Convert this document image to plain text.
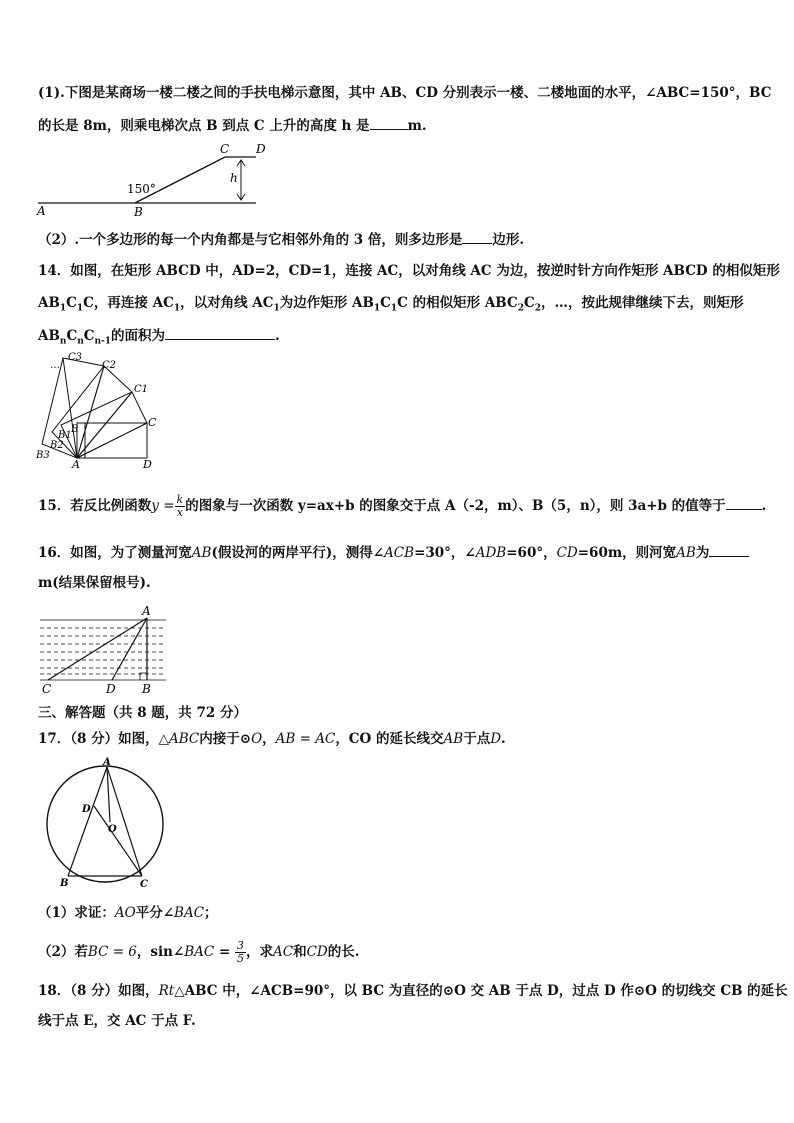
(1).下图是某商场一楼二楼之间的手扶电梯示意图，其中 AB、CD 分别表示一楼、二楼地面的水平，∠ABC=150°，BC
的长是 8m，则乘电梯次点 B 到点 C 上升的高度 h 是	m.
A	B
C D
h
150°
（2）.一个多边形的每一个内角都是与它相邻外角的 3 倍，则多边形是 边形.
14．如图，在矩形 ABCD 中，AD=2，CD=1，连接 AC，以对角线 AC 为边，按逆时针方向作矩形 ABCD 的相似矩形
$AB_1C_1C$，再连接 $AC_1$，以对角线 $AC_1$为边作矩形 $AB_1C_1C$ 的相似矩形 $ABC_2C_2$，…，按此规律继续下去，则矩形
$AB_nC_nC_{n-1}$的面积为	.
C3
…	C2
C1
C
B
B1
B2
B3
A	D
15．若反比例函数$y = \frac{k}{x}$ 的图象与一次函数 y=ax+b 的图象交于点 A（-2，m）、B（5，n），则 3a+b 的值等于	.
16．如图，为了测量河宽AB(假设河的两岸平行)，测得∠ACB=30°，∠ADB=60°，CD=60m，则河宽AB为
m(结果保留根号).
A
C	D B
三、解答题（共 8 题，共 72 分）
17．（8 分）如图，△ABC内接于⊙O，AB = AC，CO 的延长线交AB于点D.
A
D
O
B	C
（1）求证：AO平分∠BAC；
（2）若BC = 6，sin∠BAC = $\frac{3}{5}$ ，求AC和CD的长.
18．（8 分）如图，Rt△ABC 中，∠ACB=90°，以 BC 为直径的⊙O 交 AB 于点 D，过点 D 作⊙O 的切线交 CB 的延长
线于点 E，交 AC 于点 F.
